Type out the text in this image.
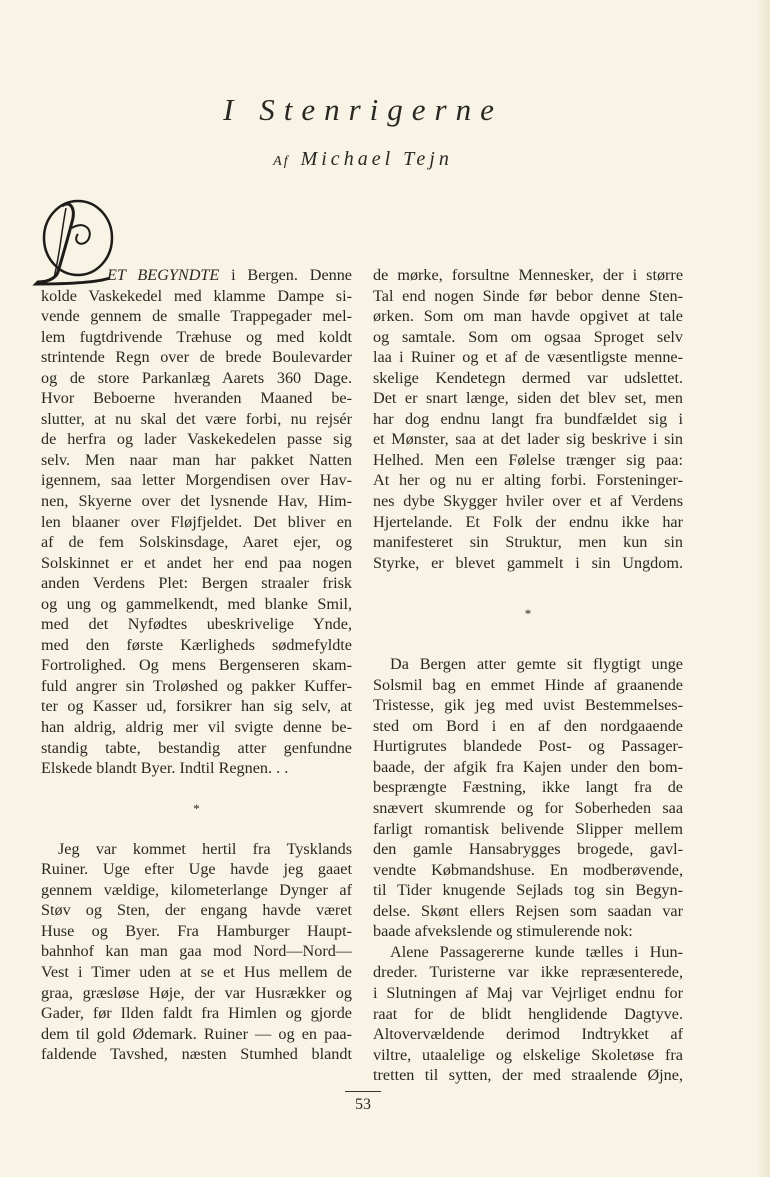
I Stenrigerne
Af Michael Tejn
ET BEGYNDTE i Bergen. Denne
kolde Vaskekedel med klamme Dampe si-
vende gennem de smalle Trappegader mel-
lem fugtdrivende Træhuse og med koldt
strintende Regn over de brede Boulevarder
og de store Parkanlæg Aarets 360 Dage.
Hvor Beboerne hveranden Maaned be-
slutter, at nu skal det være forbi, nu rejsér
de herfra og lader Vaskekedelen passe sig
selv. Men naar man har pakket Natten
igennem, saa letter Morgendisen over Hav-
nen, Skyerne over det lysnende Hav, Him-
len blaaner over Fløjfjeldet. Det bliver en
af de fem Solskinsdage, Aaret ejer, og
Solskinnet er et andet her end paa nogen
anden Verdens Plet: Bergen straaler frisk
og ung og gammelkendt, med blanke Smil,
med det Nyfødtes ubeskrivelige Ynde,
med den første Kærligheds sødmefyldte
Fortrolighed. Og mens Bergenseren skam-
fuld angrer sin Troløshed og pakker Kuffer-
ter og Kasser ud, forsikrer han sig selv, at
han aldrig, aldrig mer vil svigte denne be-
standig tabte, bestandig atter genfundne
Elskede blandt Byer. Indtil Regnen. . .
*
Jeg var kommet hertil fra Tysklands
Ruiner. Uge efter Uge havde jeg gaaet
gennem vældige, kilometerlange Dynger af
Støv og Sten, der engang havde været
Huse og Byer. Fra Hamburger Haupt-
bahnhof kan man gaa mod Nord—Nord—
Vest i Timer uden at se et Hus mellem de
graa, græsløse Høje, der var Husrækker og
Gader, før Ilden faldt fra Himlen og gjorde
dem til gold Ødemark. Ruiner — og en paa-
faldende Tavshed, næsten Stumhed blandt
de mørke, forsultne Mennesker, der i større
Tal end nogen Sinde før bebor denne Sten-
ørken. Som om man havde opgivet at tale
og samtale. Som om ogsaa Sproget selv
laa i Ruiner og et af de væsentligste menne-
skelige Kendetegn dermed var udslettet.
Det er snart længe, siden det blev set, men
har dog endnu langt fra bundfældet sig i
et Mønster, saa at det lader sig beskrive i sin
Helhed. Men een Følelse trænger sig paa:
At her og nu er alting forbi. Forsteninger-
nes dybe Skygger hviler over et af Verdens
Hjertelande. Et Folk der endnu ikke har
manifesteret sin Struktur, men kun sin
Styrke, er blevet gammelt i sin Ungdom.
*
Da Bergen atter gemte sit flygtigt unge
Solsmil bag en emmet Hinde af graanende
Tristesse, gik jeg med uvist Bestemmelses-
sted om Bord i en af den nordgaaende
Hurtigrutes blandede Post- og Passager-
baade, der afgik fra Kajen under den bom-
besprængte Fæstning, ikke langt fra de
snævert skumrende og for Soberheden saa
farligt romantisk belivende Slipper mellem
den gamle Hansabrygges brogede, gavl-
vendte Købmandshuse. En modberøvende,
til Tider knugende Sejlads tog sin Begyn-
delse. Skønt ellers Rejsen som saadan var
baade afvekslende og stimulerende nok:
Alene Passagererne kunde tælles i Hun-
dreder. Turisterne var ikke repræsenterede,
i Slutningen af Maj var Vejrliget endnu for
raat for de blidt henglidende Dagtyve.
Altovervældende derimod Indtrykket af
viltre, utaalelige og elskelige Skoletøse fra
tretten til sytten, der med straalende Øjne,
53
